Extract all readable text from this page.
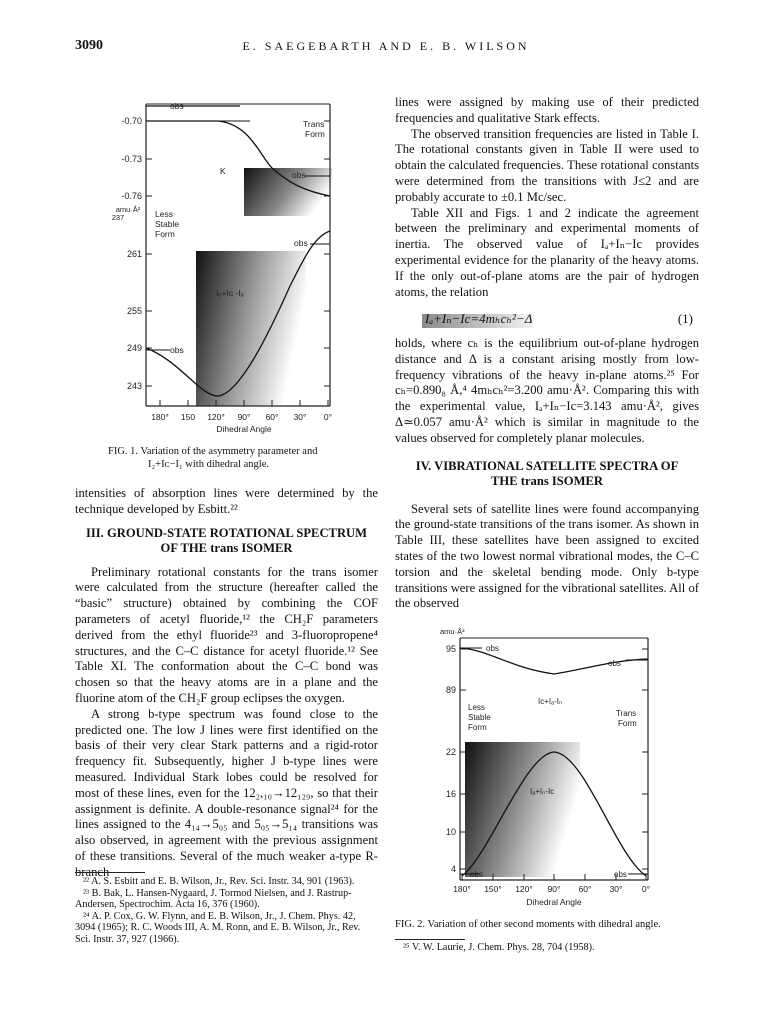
3090	E. SAEGEBARTH AND E. B. WILSON
-0.70
-0.73
-0.76
261
255
249
243
amu·Å²
237
obs
Trans
Form
K	obs
Less
Stable
Form
obs
Iₑ+Iᴄ -Iₐ
obs
180° 150 120° 90° 60° 30° 0°
Dihedral Angle
FIG. 1. Variation of the asymmetry parameter and
I₂+Iᴄ−I₁ with dihedral angle.

intensities of absorption lines were determined by the technique developed by Esbitt.²²

III. GROUND-STATE ROTATIONAL SPECTRUM

OF THE trans ISOMER

Preliminary rotational constants for the trans isomer were calculated from the structure (hereafter called the “basic” structure) obtained by combining the COF parameters of acetyl fluoride,¹² the CH₂F parameters derived from the ethyl fluoride²³ and 3-fluoropropene⁴ structures, and the C–C distance for acetyl fluoride.¹² See Table XI. The conformation about the C–C bond was chosen so that the heavy atoms are in a plane and the fluorine atom of the CH₂F group eclipses the oxygen.

A strong b-type spectrum was found close to the predicted one. The low J lines were first identified on the basis of their very clear Stark patterns and a rigid-rotor frequency fit. Subsequently, higher J b-type lines were measured. Individual Stark lobes could be resolved for most of these lines, even for the 12₂,₁₀→12₁₂₉, so that their assignment is definite. A double-resonance signal²⁴ for the lines assigned to the 4₁₄→5₀₅ and 5₀₅→5₁₄ transitions was also observed, in agreement with the previous assignment of these transitions. Several of the much weaker a-type R-branch

²² A. S. Esbitt and E. B. Wilson, Jr., Rev. Sci. Instr. 34, 901 (1963).
²³ B. Bak, L. Hansen-Nygaard, J. Tormod Nielsen, and J. Rastrup-Andersen, Spectrochim. Acta 16, 376 (1960).
²⁴ A. P. Cox, G. W. Flynn, and E. B. Wilson, Jr., J. Chem. Phys. 42, 3094 (1965); R. C. Woods III, A. M. Ronn, and E. B. Wilson, Jr., Rev. Sci. Instr. 37, 927 (1966).

lines were assigned by making use of their predicted frequencies and qualitative Stark effects.

The observed transition frequencies are listed in Table I. The rotational constants given in Table II were used to obtain the calculated frequencies. These rotational constants were determined from the transitions with J≤2 and are probably accurate to ±0.1 Mc/sec.

Table XII and Figs. 1 and 2 indicate the agreement between the preliminary and experimental moments of inertia. The observed value of Iₐ+Iₙ−Ic provides experimental evidence for the planarity of the heavy atoms. If the only out-of-plane atoms are the pair of hydrogen atoms, the relation

Iₐ+Iₙ−Ic=4mₕcₕ²−Δ	(1)

holds, where cₕ is the equilibrium out-of-plane hydrogen distance and Δ is a constant arising mostly from low-frequency vibrations of the heavy in-plane atoms.²⁵ For cₕ=0.890₈ Å,⁴ 4mₕcₕ²=3.200 amu·Å². Comparing this with the experimental value, Iₐ+Iₙ−Ic=3.143 amu·Å², gives Δ≃0.057 amu·Å² which is similar in magnitude to the values observed for completely planar molecules.

IV. VIBRATIONAL SATELLITE SPECTRA OF

THE trans ISOMER

Several sets of satellite lines were found accompanying the ground-state transitions of the trans isomer. As shown in Table III, these satellites have been assigned to excited states of the two lowest normal vibrational modes, the C–C torsion and the skeletal bending mode. Only b-type transitions were assigned for the vibrational satellites. All of the observed

95
89
22
16
10
4
amu·Å²
obs
obs
Ic+Iₐ-Iₙ
Less
Stable
Form
Trans
Form
Iₐ+Iₙ-Ic
obs	obs
180° 150° 120° 90° 60° 30° 0°
Dihedral Angle
FIG. 2. Variation of other second moments with dihedral angle.
²⁵ V. W. Laurie, J. Chem. Phys. 28, 704 (1958).
